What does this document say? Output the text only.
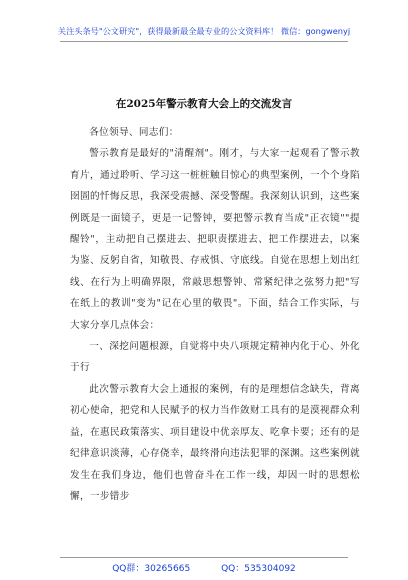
关注头条号"公文研究"，获得最新最全最专业的公文资料库！ 微信：gongwenyj
在2025年警示教育大会上的交流发言

各位领导、同志们：

警示教育是最好的"清醒剂"。刚才，与大家一起观看了警示教育片，通过聆听、学习这一桩桩触目惊心的典型案例，一个个身陷囹圄的忏悔反思，我深受震撼、深受警醒。我深刻认识到，这些案例既是一面镜子，更是一记警钟，要把警示教育当成"正衣镜""提醒铃"，主动把自己摆进去、把职责摆进去、把工作摆进去，以案为鉴、反躬自省，知敬畏、存戒惧、守底线。自觉在思想上划出红线、在行为上明确界限，常敲思想警钟、常紧纪律之弦努力把"写在纸上的教训"变为"记在心里的敬畏"。下面，结合工作实际，与大家分享几点体会：

一、深挖问题根源，自觉将中央八项规定精神内化于心、外化于行

此次警示教育大会上通报的案例，有的是理想信念缺失，背离初心使命，把党和人民赋予的权力当作敛财工具有的是漠视群众利益，在惠民政策落实、项目建设中优亲厚友、吃拿卡要；还有的是纪律意识淡薄，心存侥幸，最终滑向违法犯罪的深渊。这些案例就发生在我们身边，他们也曾奋斗在工作一线，却因一时的思想松懈，一步错步

QQ群：30265665	QQ：535304092
